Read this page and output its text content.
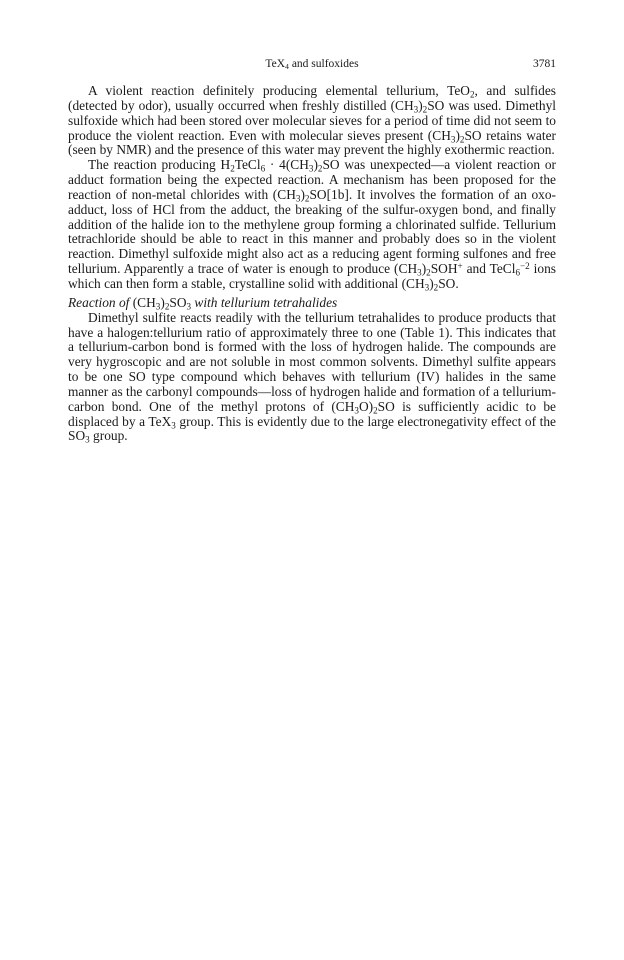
TeX$_4$ and sulfoxides	3781

A violent reaction definitely producing elemental tellurium, TeO$_2$, and sulfides (detected by odor), usually occurred when freshly distilled $(CH_3)_2SO$ was used. Dimethyl sulfoxide which had been stored over molecular sieves for a period of time did not seem to produce the violent reaction. Even with molecular sieves present $(CH_3)_2SO$ retains water (seen by NMR) and the presence of this water may prevent the highly exothermic reaction.

The reaction producing $H_2TeCl_6 \cdot 4(CH_3)_2SO$ was unexpected—a violent reaction or adduct formation being the expected reaction. A mechanism has been proposed for the reaction of non-metal chlorides with $(CH_3)_2SO[1b]$. It involves the formation of an oxo-adduct, loss of HCl from the adduct, the breaking of the sulfur-oxygen bond, and finally addition of the halide ion to the methylene group forming a chlorinated sulfide. Tellurium tetrachloride should be able to react in this manner and probably does so in the violent reaction. Dimethyl sulfoxide might also act as a reducing agent forming sulfones and free tellurium. Apparently a trace of water is enough to produce $(CH_3)_2SOH^+$ and TeCl$_6^{-2}$ ions which can then form a stable, crystalline solid with additional $(CH_3)_2SO$.

Reaction of $(CH_3)_2SO_3$ with tellurium tetrahalides

Dimethyl sulfite reacts readily with the tellurium tetrahalides to produce products that have a halogen:tellurium ratio of approximately three to one (Table 1). This indicates that a tellurium-carbon bond is formed with the loss of hydrogen halide. The compounds are very hygroscopic and are not soluble in most common solvents. Dimethyl sulfite appears to be one SO type compound which behaves with tellurium (IV) halides in the same manner as the carbonyl compounds—loss of hydrogen halide and formation of a tellurium-carbon bond. One of the methyl protons of $(CH_3O)_2SO$ is sufficiently acidic to be displaced by a TeX$_3$ group. This is evidently due to the large electronegativity effect of the $SO_3$ group.
